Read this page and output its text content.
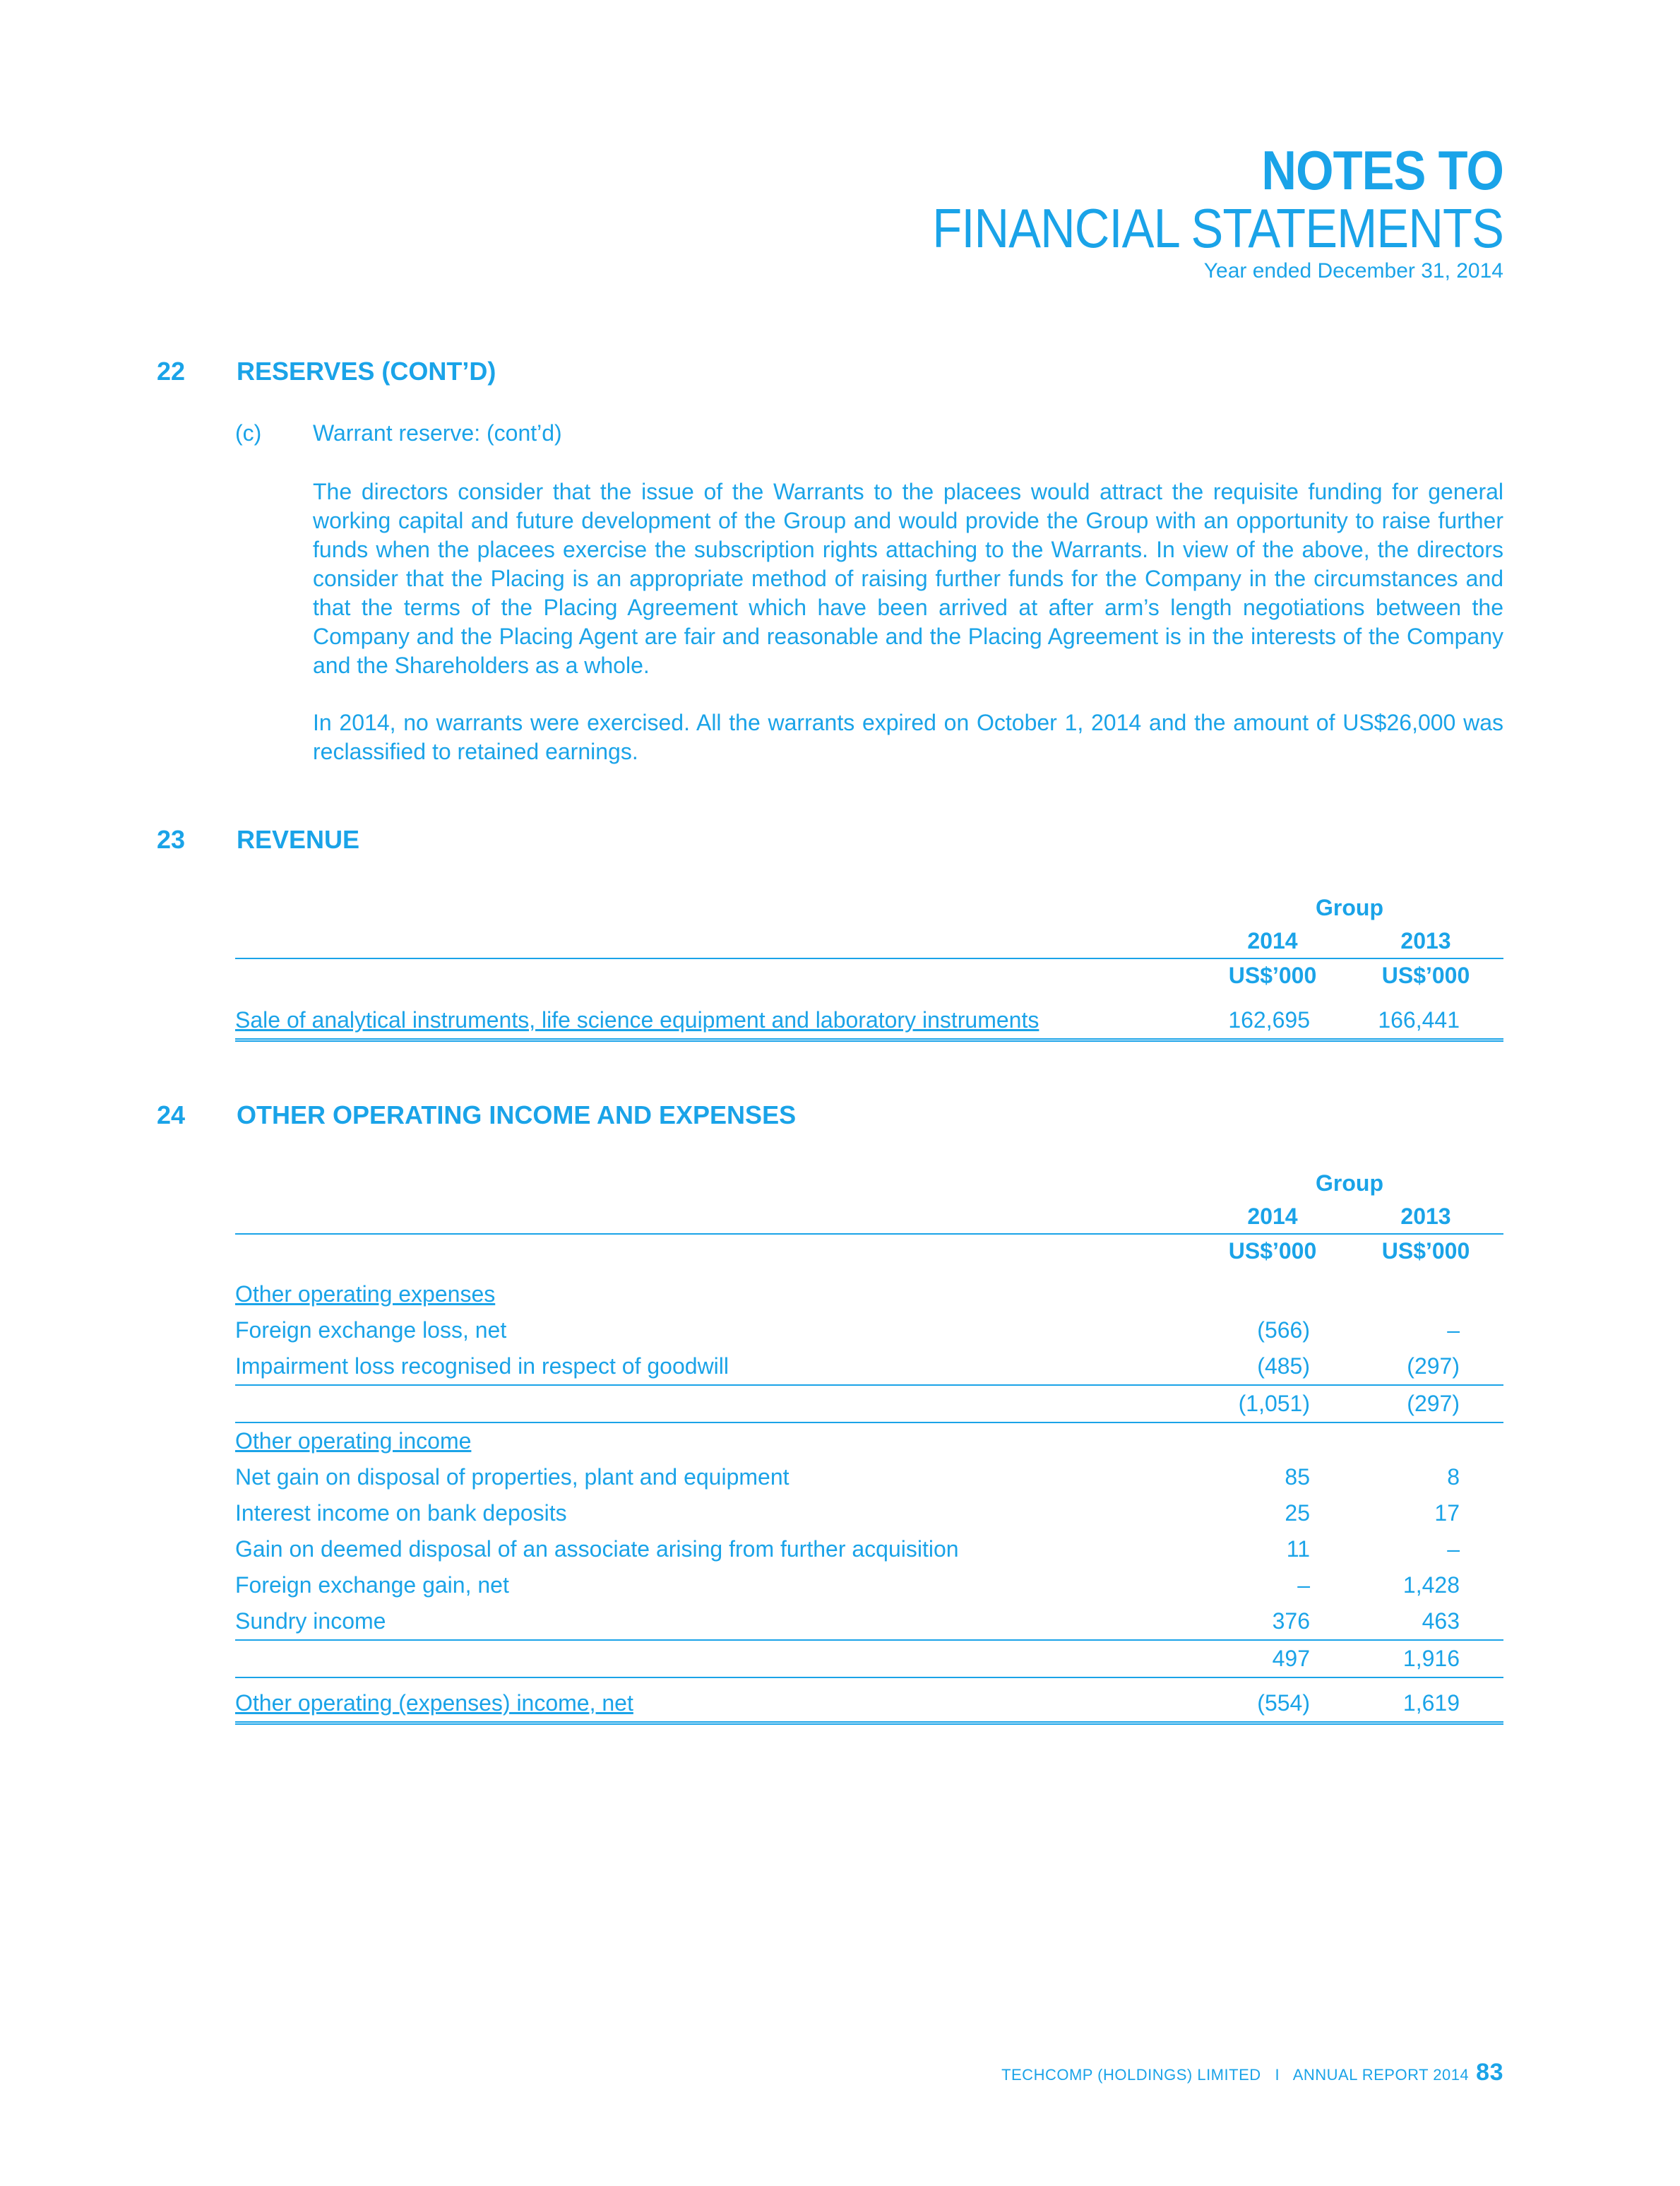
NOTES TO
FINANCIAL STATEMENTS
Year ended December 31, 2014
22 RESERVES (CONT’D)
(c) Warrant reserve: (cont’d)
The directors consider that the issue of the Warrants to the placees would attract the requisite funding for general working capital and future development of the Group and would provide the Group with an opportunity to raise further funds when the placees exercise the subscription rights attaching to the Warrants. In view of the above, the directors consider that the Placing is an appropriate method of raising further funds for the Company in the circumstances and that the terms of the Placing Agreement which have been arrived at after arm’s length negotiations between the Company and the Placing Agent are fair and reasonable and the Placing Agreement is in the interests of the Company and the Shareholders as a whole.
In 2014, no warrants were exercised. All the warrants expired on October 1, 2014 and the amount of US$26,000 was reclassified to retained earnings.
23 REVENUE
Group
2014	2013
US$’000	US$’000
Sale of analytical instruments, life science equipment and laboratory instruments	162,695	166,441
24 OTHER OPERATING INCOME AND EXPENSES
Group
2014	2013
US$’000	US$’000
Other operating expenses
Foreign exchange loss, net	(566)	–
Impairment loss recognised in respect of goodwill	(485)	(297)
(1,051)	(297)
Other operating income
Net gain on disposal of properties, plant and equipment	85	8
Interest income on bank deposits	25	17
Gain on deemed disposal of an associate arising from further acquisition	11	–
Foreign exchange gain, net	–	1,428
Sundry income	376	463
497	1,916
Other operating (expenses) income, net	(554)	1,619
TECHCOMP (HOLDINGS) LIMITED   I   ANNUAL REPORT 2014 83
